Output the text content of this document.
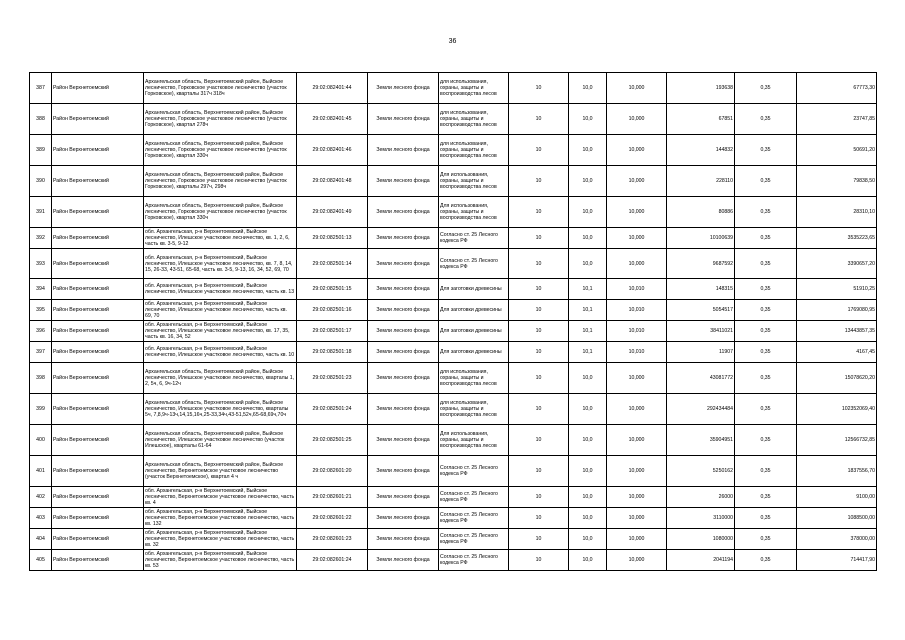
36
387	Район Верхнетоемский	Архангельская область, Верхнетоемский район, Выйское лесничество, Горковское участковое лесничество (участок Горковское), кварталы 317ч 318ч	29:02:082401:44	Земли лесного фонда	для использования, охраны, защиты и воспроизводства лесов	10	10,0	10,000	193638	0,35	67773,30
388	Район Верхнетоемский	Архангельская область, Верхнетоемский район, Выйское лесничество, Горковское участковое лесничество (участок Горковское), квартал 278ч	29:02:082401:45	Земли лесного фонда	для использования, охраны, защиты и воспроизводства лесов	10	10,0	10,000	67851	0,35	23747,85
389	Район Верхнетоемский	Архангельская область, Верхнетоемский район, Выйское лесничество, Горковское участковое лесничество (участок Горковское), квартал 330ч	29:02:082401:46	Земли лесного фонда	для использования, охраны, защиты и воспроизводства лесов	10	10,0	10,000	144832	0,35	50691,20
390	Район Верхнетоемский	Архангельская область, Верхнетоемский район, Выйское лесничество, Горковское участковое лесничество (участок Горковское), кварталы 297ч, 298ч	29:02:082401:48	Земли лесного фонда	Для использования, охраны, защиты и воспроизводства лесов	10	10,0	10,000	228110	0,35	79838,50
391	Район Верхнетоемский	Архангельская область, Верхнетоемский район, Выйское лесничество, Горковское участковое лесничество (участок Горковское), квартал 330ч	29:02:082401:49	Земли лесного фонда	Для использования, охраны, защиты и воспроизводства лесов	10	10,0	10,000	80886	0,35	28310,10
392	Район Верхнетоемский	обл. Архангельская, р-н Верхнетоемский, Выйское лесничество, Илешское участковое лесничество, кв. 1, 2, 6, часть кв. 3-5, 9-12	29:02:082501:13	Земли лесного фонда	Согласно ст. 25 Лесного кодекса РФ	10	10,0	10,000	10100639	0,35	3535223,65
393	Район Верхнетоемский	обл. Архангельская, р-н Верхнетоемский, Выйское лесничество, Илешское участковое лесничество, кв. 7, 8, 14, 15, 26-33, 43-51, 65-68, часть кв. 3-5, 9-13, 16, 34, 52, 69, 70	29:02:082501:14	Земли лесного фонда	Согласно ст. 25 Лесного кодекса РФ	10	10,0	10,000	9687592	0,35	3390657,20
394	Район Верхнетоемский	обл. Архангельская, р-н Верхнетоемский, Выйское лесничество, Илешское участковое лесничество, часть кв. 13	29:02:082501:15	Земли лесного фонда	Для заготовки древесины	10	10,1	10,010	148315	0,35	51910,25
395	Район Верхнетоемский	обл. Архангельская, р-н Верхнетоемский, Выйское лесничество, Илешское участковое лесничество, часть кв. 69, 70	29:02:082501:16	Земли лесного фонда	Для заготовки древесины	10	10,1	10,010	5054517	0,35	1769080,95
396	Район Верхнетоемский	обл. Архангельская, р-н Верхнетоемский, Выйское лесничество, Илешское участковое лесничество, кв. 17, 35, часть кв. 16, 34, 52	29:02:082501:17	Земли лесного фонда	Для заготовки древесины	10	10,1	10,010	38411021	0,35	13443857,35
397	Район Верхнетоемский	обл. Архангельская, р-н Верхнетоемский, Выйское лесничество, Илешское участковое лесничество, часть кв. 10	29:02:082501:18	Земли лесного фонда	Для заготовки древесины	10	10,1	10,010	11907	0,35	4167,45
398	Район Верхнетоемский	Архангельская область, Верхнетоемский район, Выйское лесничество, Илешское участковое лесничество, кварталы 1, 2, 5ч, 6, 9ч-12ч	29:02:082501:23	Земли лесного фонда	для использования, охраны, защиты и воспроизводства лесов	10	10,0	10,000	43081772	0,35	15078620,20
399	Район Верхнетоемский	Архангельская область, Верхнетоемский район, Выйское лесничество, Илешское участковое лесничество, кварталы 5ч, 7,8,9ч-13ч,14,15,16ч,25-33,34ч,43-51,52ч,65-68,69ч,70ч	29:02:082501:24	Земли лесного фонда	для использования, охраны, защиты и воспроизводства лесов	10	10,0	10,000	292434484	0,35	102352069,40
400	Район Верхнетоемский	Архангельская область, Верхнетоемский район, Выйское лесничество, Илешское участковое лесничество (участок Илешское), кварталы 61-64	29:02:082501:25	Земли лесного фонда	Для использования, охраны, защиты и воспроизводства лесов	10	10,0	10,000	35904951	0,35	12566732,85
401	Район Верхнетоемский	Архангельская область, Верхнетоемский район, Выйское лесничество, Верхнетоемское участковое лесничество (участок Верхнетоемское), квартал 4 ч	29:02:082601:20	Земли лесного фонда	Согласно ст. 25 Лесного кодекса РФ	10	10,0	10,000	5250162	0,35	1837556,70
402	Район Верхнетоемский	обл. Архангельская, р-н Верхнетоемский, Выйское лесничество, Верхнетоемское участковое лесничество, часть кв. 4	29:02:082601:21	Земли лесного фонда	Согласно ст. 25 Лесного кодекса РФ	10	10,0	10,000	26000	0,35	9100,00
403	Район Верхнетоемский	обл. Архангельская, р-н Верхнетоемский, Выйское лесничество, Верхнетоемское участковое лесничество, часть кв. 132	29:02:082601:22	Земли лесного фонда	Согласно ст. 25 Лесного кодекса РФ	10	10,0	10,000	3110000	0,35	1088500,00
404	Район Верхнетоемский	обл. Архангельская, р-н Верхнетоемский, Выйское лесничество, Верхнетоемское участковое лесничество, часть кв. 32	29:02:082601:23	Земли лесного фонда	Согласно ст. 25 Лесного кодекса РФ	10	10,0	10,000	1080000	0,35	378000,00
405	Район Верхнетоемский	обл. Архангельская, р-н Верхнетоемский, Выйское лесничество, Верхнетоемское участковое лесничество, часть кв. 53	29:02:082601:24	Земли лесного фонда	Согласно ст. 25 Лесного кодекса РФ	10	10,0	10,000	2041194	0,35	714417,90
